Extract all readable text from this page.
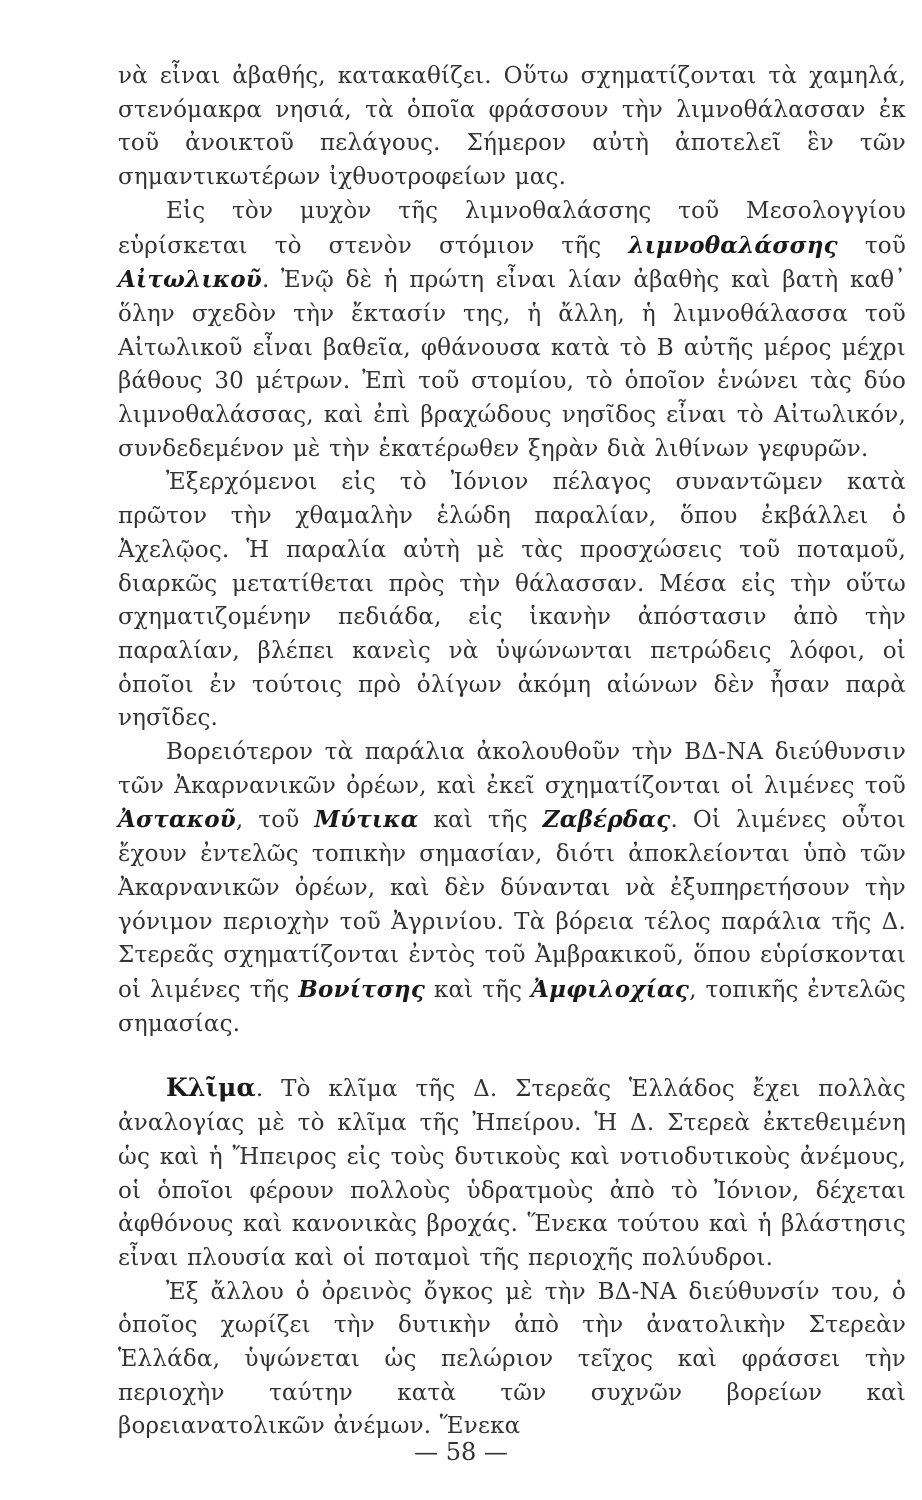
νὰ εἶναι ἀβαθής, κατακαθίζει. Οὕτω σχηματίζονται τὰ χαμηλά, στενόμακρα νησιά, τὰ ὁποῖα φράσσουν τὴν λιμνοθάλασσαν ἐκ τοῦ ἀνοικτοῦ πελάγους. Σήμερον αὐτὴ ἀποτελεῖ ἓν τῶν σημαντικωτέρων ἰχθυοτροφείων μας.

Εἰς τὸν μυχὸν τῆς λιμνοθαλάσσης τοῦ Μεσολογγίου εὑρίσκεται τὸ στενὸν στόμιον τῆς λιμνοθαλάσσης τοῦ Αἰτωλικοῦ. Ἐνῷ δὲ ἡ πρώτη εἶναι λίαν ἀβαθὴς καὶ βατὴ καθ᾽ ὅλην σχεδὸν τὴν ἔκτασίν της, ἡ ἄλλη, ἡ λιμνοθάλασσα τοῦ Αἰτωλικοῦ εἶναι βαθεῖα, φθάνουσα κατὰ τὸ Β αὐτῆς μέρος μέχρι βάθους 30 μέτρων. Ἐπὶ τοῦ στομίου, τὸ ὁποῖον ἑνώνει τὰς δύο λιμνοθαλάσσας, καὶ ἐπὶ βραχώδους νησῖδος εἶναι τὸ Αἰτωλικόν, συνδεδεμένον μὲ τὴν ἑκατέρωθεν ξηρὰν διὰ λιθίνων γεφυρῶν.

Ἐξερχόμενοι εἰς τὸ Ἰόνιον πέλαγος συναντῶμεν κατὰ πρῶτον τὴν χθαμαλὴν ἑλώδη παραλίαν, ὅπου ἐκβάλλει ὁ Ἀχελῷος. Ἡ παραλία αὐτὴ μὲ τὰς προσχώσεις τοῦ ποταμοῦ, διαρκῶς μετατίθεται πρὸς τὴν θάλασσαν. Μέσα εἰς τὴν οὕτω σχηματιζομένην πεδιάδα, εἰς ἱκανὴν ἀπόστασιν ἀπὸ τὴν παραλίαν, βλέπει κανεὶς νὰ ὑψώνωνται πετρώδεις λόφοι, οἱ ὁποῖοι ἐν τούτοις πρὸ ὀλίγων ἀκόμη αἰώνων δὲν ἦσαν παρὰ νησῖδες.

Βορειότερον τὰ παράλια ἀκολουθοῦν τὴν ΒΔ-ΝΑ διεύθυνσιν τῶν Ἀκαρνανικῶν ὀρέων, καὶ ἐκεῖ σχηματίζονται οἱ λιμένες τοῦ Ἀστακοῦ, τοῦ Μύτικα καὶ τῆς Ζαβέρδας. Οἱ λιμένες οὗτοι ἔχουν ἐντελῶς τοπικὴν σημασίαν, διότι ἀποκλείονται ὑπὸ τῶν Ἀκαρνανικῶν ὀρέων, καὶ δὲν δύνανται νὰ ἐξυπηρετήσουν τὴν γόνιμον περιοχὴν τοῦ Ἀγρινίου. Τὰ βόρεια τέλος παράλια τῆς Δ. Στερεᾶς σχηματίζονται ἐντὸς τοῦ Ἀμβρακικοῦ, ὅπου εὑρίσκονται οἱ λιμένες τῆς Βονίτσης καὶ τῆς Ἀμφιλοχίας, τοπικῆς ἐντελῶς σημασίας.

Κλῖμα. Τὸ κλῖμα τῆς Δ. Στερεᾶς Ἑλλάδος ἔχει πολλὰς ἀναλογίας μὲ τὸ κλῖμα τῆς Ἠπείρου. Ἡ Δ. Στερεὰ ἐκτεθειμένη ὡς καὶ ἡ Ἤπειρος εἰς τοὺς δυτικοὺς καὶ νοτιοδυτικοὺς ἀνέμους, οἱ ὁποῖοι φέρουν πολλοὺς ὑδρατμοὺς ἀπὸ τὸ Ἰόνιον, δέχεται ἀφθόνους καὶ κανονικὰς βροχάς. Ἕνεκα τούτου καὶ ἡ βλάστησις εἶναι πλουσία καὶ οἱ ποταμοὶ τῆς περιοχῆς πολύυδροι.

Ἐξ ἄλλου ὁ ὀρεινὸς ὄγκος μὲ τὴν ΒΔ-ΝΑ διεύθυνσίν του, ὁ ὁποῖος χωρίζει τὴν δυτικὴν ἀπὸ τὴν ἀνατολικὴν Στερεὰν Ἑλλάδα, ὑψώνεται ὡς πελώριον τεῖχος καὶ φράσσει τὴν περιοχὴν ταύτην κατὰ τῶν συχνῶν βορείων καὶ βορειανατολικῶν ἀνέμων. Ἕνεκα

— 58 —
